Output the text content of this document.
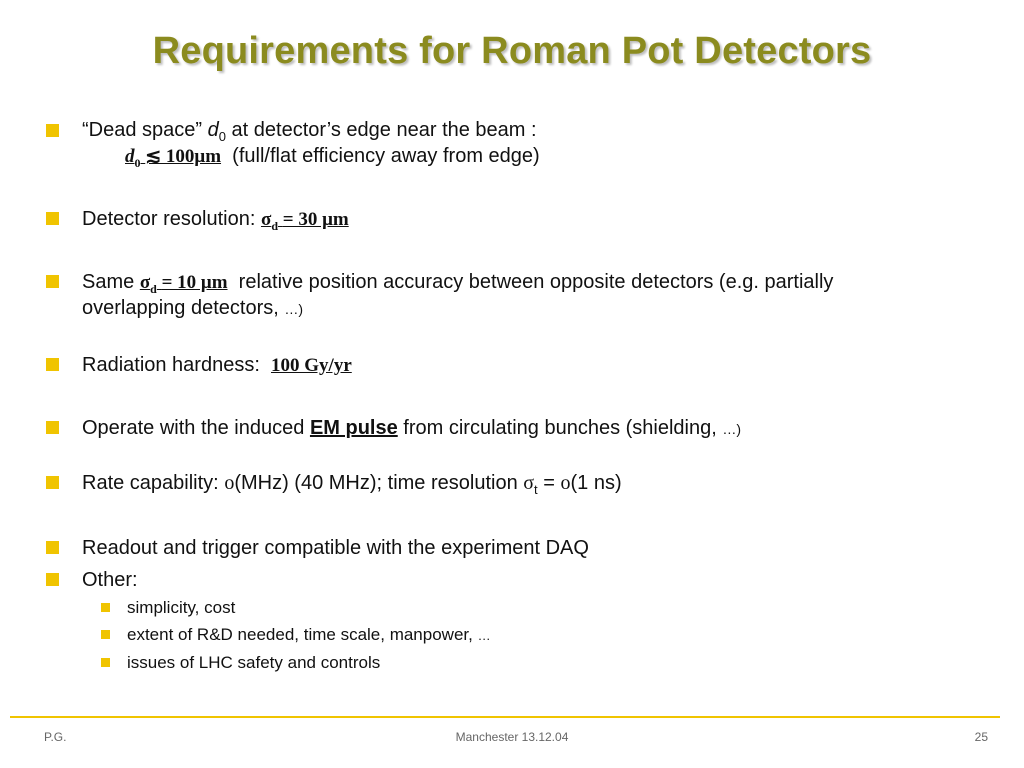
Requirements for Roman Pot Detectors
“Dead space” $d_0$ at detector’s edge near the beam :
$d_0$ ≲ 100μm (full/flat efficiency away from edge)
Detector resolution: $\sigma_d = 30$ μm
Same $\sigma_d = 10$ μm relative position accuracy between opposite detectors (e.g. partially
overlapping detectors, …)
Radiation hardness: 100 Gy/yr
Operate with the induced EM pulse from circulating bunches (shielding, …)
Rate capability: o(MHz) (40 MHz); time resolution $\sigma_t = o(1$ ns)
Readout and trigger compatible with the experiment DAQ
Other:
simplicity, cost
extent of R&D needed, time scale, manpower, …
issues of LHC safety and controls
P.G.	Manchester 13.12.04	25
